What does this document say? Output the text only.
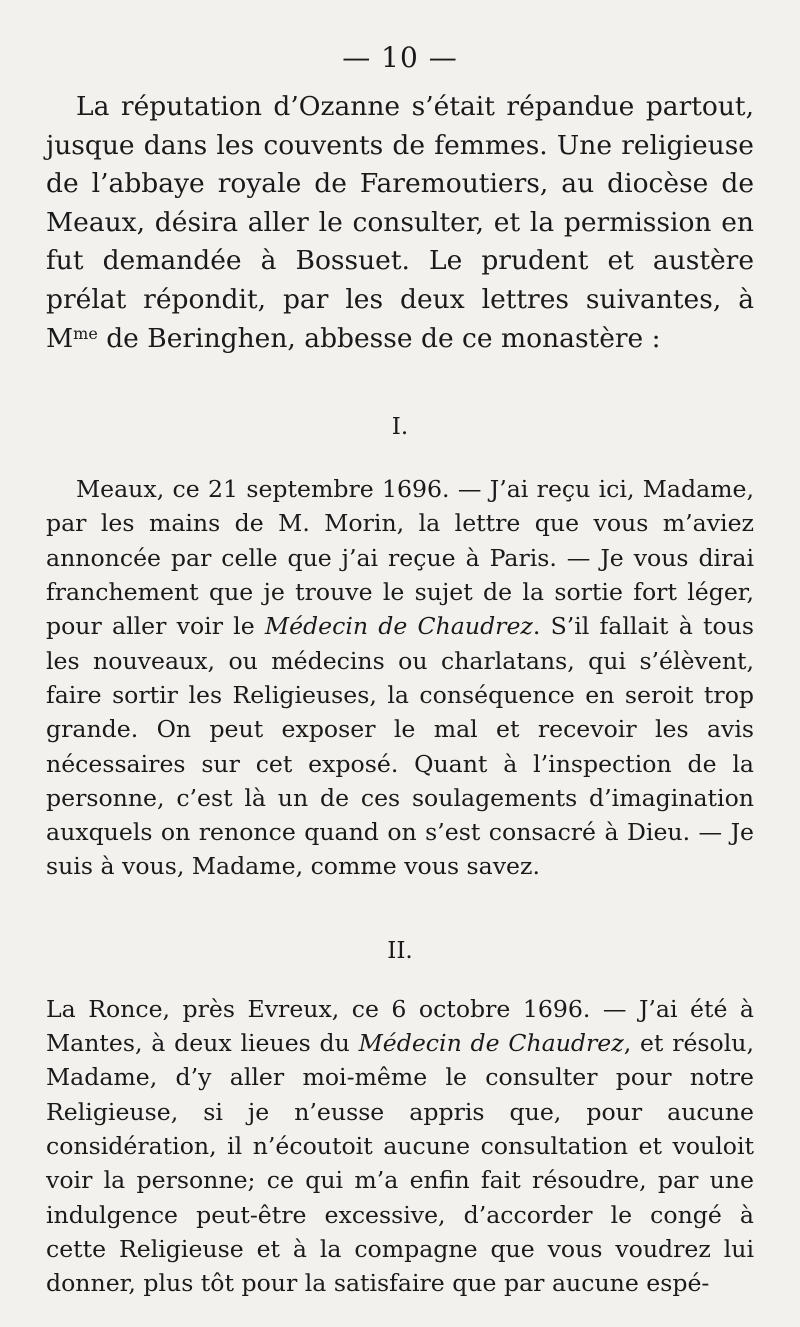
— 10 —

La réputation d’Ozanne s’était répandue partout, jusque dans les couvents de femmes. Une religieuse de l’abbaye royale de Faremoutiers, au diocèse de Meaux, désira aller le consulter, et la permission en fut demandée à Bossuet. Le prudent et austère prélat répondit, par les deux lettres suivantes, à $M^{me}$ de Beringhen, abbesse de ce monastère :

I.

Meaux, ce 21 septembre 1696. — J’ai reçu ici, Madame, par les mains de M. Morin, la lettre que vous m’aviez annoncée par celle que j’ai reçue à Paris. — Je vous dirai franchement que je trouve le sujet de la sortie fort léger, pour aller voir le Médecin de Chaudrez. S’il fallait à tous les nouveaux, ou médecins ou charlatans, qui s’élèvent, faire sortir les Religieuses, la conséquence en seroit trop grande. On peut exposer le mal et recevoir les avis nécessaires sur cet exposé. Quant à l’inspection de la personne, c’est là un de ces soulagements d’imagination auxquels on renonce quand on s’est consacré à Dieu. — Je suis à vous, Madame, comme vous savez.

II.

La Ronce, près Evreux, ce 6 octobre 1696. — J’ai été à Mantes, à deux lieues du Médecin de Chaudrez, et résolu, Madame, d’y aller moi-même le consulter pour notre Religieuse, si je n’eusse appris que, pour aucune considération, il n’écoutoit aucune consultation et vouloit voir la personne; ce qui m’a enfin fait résoudre, par une indulgence peut-être excessive, d’accorder le congé à cette Religieuse et à la compagne que vous voudrez lui donner, plus tôt pour la satisfaire que par aucune espé-
